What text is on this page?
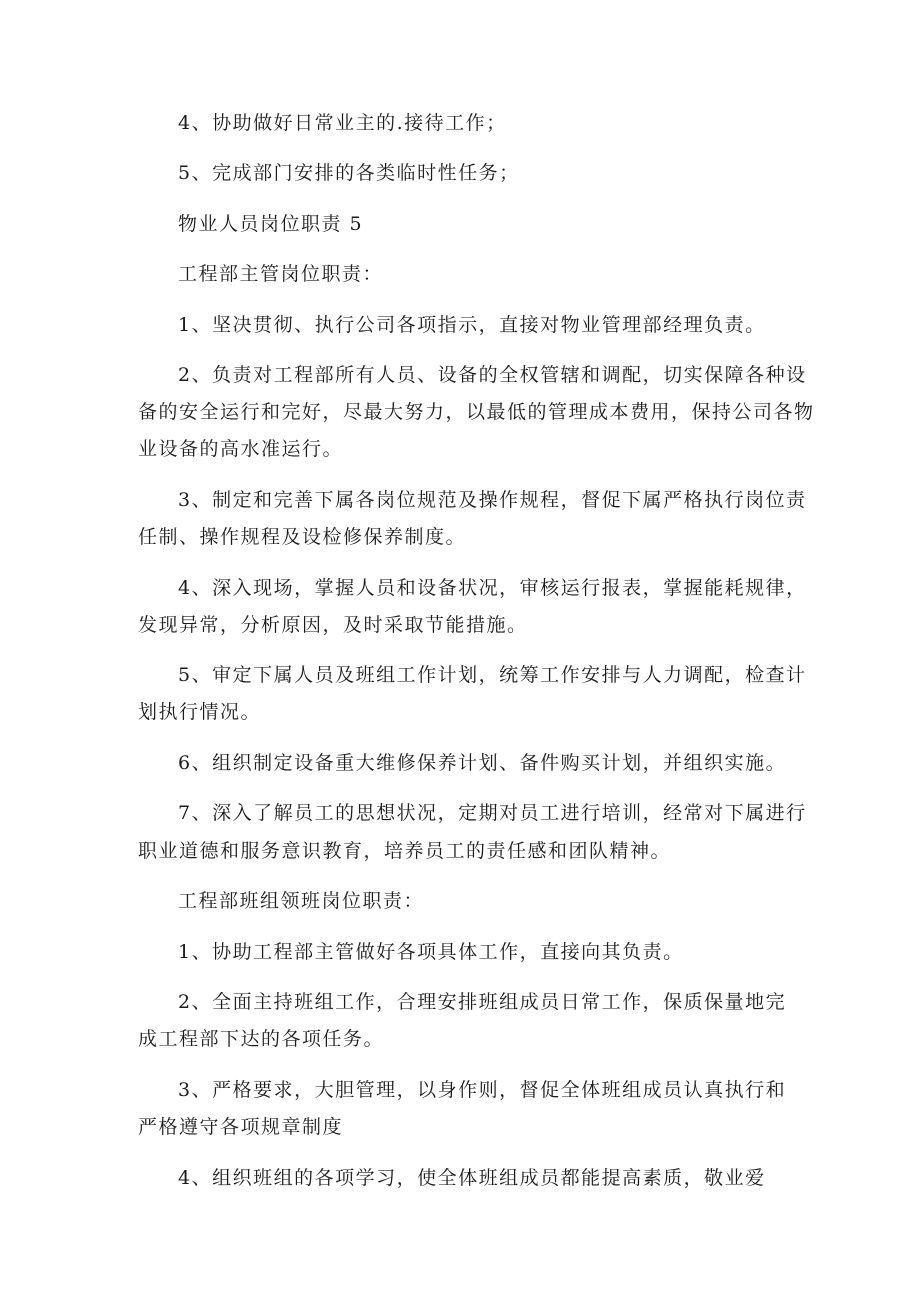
4、协助做好日常业主的.接待工作；
5、完成部门安排的各类临时性任务；
物业人员岗位职责 5
工程部主管岗位职责：
1、坚决贯彻、执行公司各项指示，直接对物业管理部经理负责。
2、负责对工程部所有人员、设备的全权管辖和调配，切实保障各种设
备的安全运行和完好，尽最大努力，以最低的管理成本费用，保持公司各物
业设备的高水准运行。
3、制定和完善下属各岗位规范及操作规程，督促下属严格执行岗位责
任制、操作规程及设检修保养制度。
4、深入现场，掌握人员和设备状况，审核运行报表，掌握能耗规律，
发现异常，分析原因，及时采取节能措施。
5、审定下属人员及班组工作计划，统筹工作安排与人力调配，检查计
划执行情况。
6、组织制定设备重大维修保养计划、备件购买计划，并组织实施。
7、深入了解员工的思想状况，定期对员工进行培训，经常对下属进行
职业道德和服务意识教育，培养员工的责任感和团队精神。
工程部班组领班岗位职责：
1、协助工程部主管做好各项具体工作，直接向其负责。
2、全面主持班组工作，合理安排班组成员日常工作，保质保量地完
成工程部下达的各项任务。
3、严格要求，大胆管理，以身作则，督促全体班组成员认真执行和
严格遵守各项规章制度
4、组织班组的各项学习，使全体班组成员都能提高素质，敬业爱
